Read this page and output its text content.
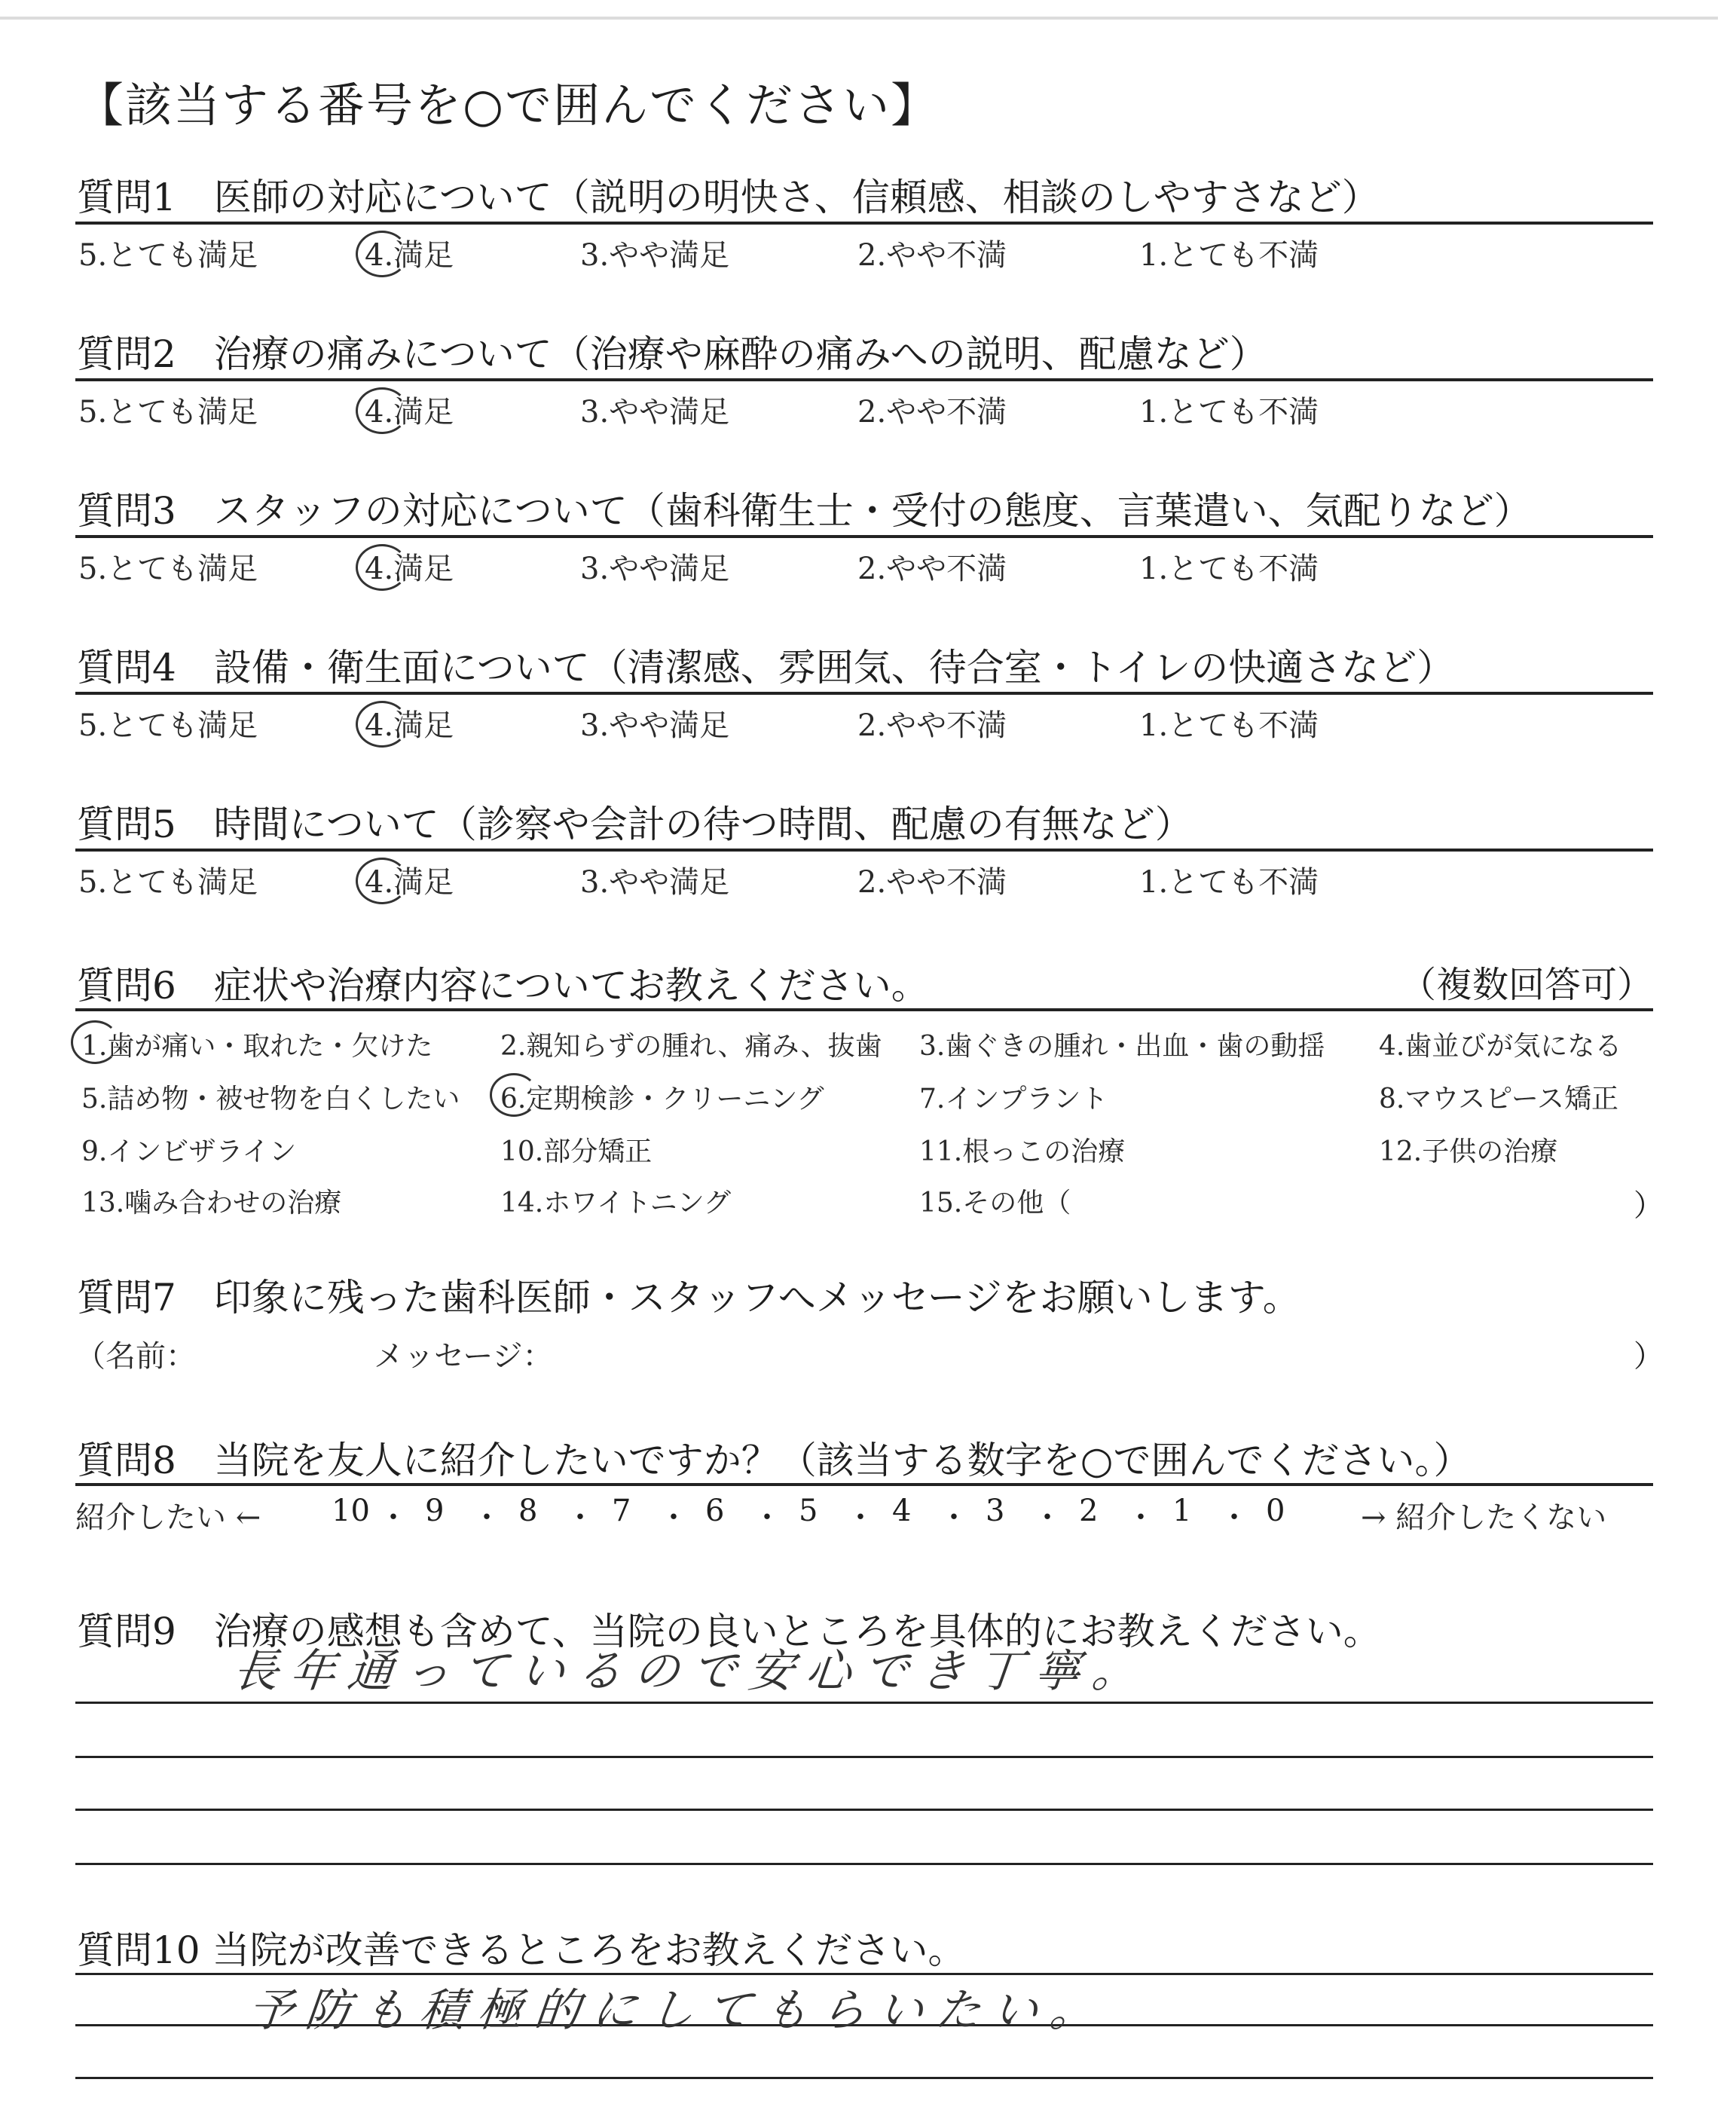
【該当する番号を○で囲んでください】
質問1　医師の対応について（説明の明快さ、信頼感、相談のしやすさなど）
5.とても満足	4.満足	3.やや満足	2.やや不満	1.とても不満
質問2　治療の痛みについて（治療や麻酔の痛みへの説明、配慮など）
5.とても満足	4.満足	3.やや満足	2.やや不満	1.とても不満
質問3　スタッフの対応について（歯科衛生士・受付の態度、言葉遣い、気配りなど）
5.とても満足	4.満足	3.やや満足	2.やや不満	1.とても不満
質問4　設備・衛生面について（清潔感、雰囲気、待合室・トイレの快適さなど）
5.とても満足	4.満足	3.やや満足	2.やや不満	1.とても不満
質問5　時間について（診察や会計の待つ時間、配慮の有無など）
5.とても満足	4.満足	3.やや満足	2.やや不満	1.とても不満
質問6　症状や治療内容についてお教えください。	（複数回答可）
1.歯が痛い・取れた・欠けた 2.親知らずの腫れ、痛み、抜歯 3.歯ぐきの腫れ・出血・歯の動揺 4.歯並びが気になる
5.詰め物・被せ物を白くしたい 6.定期検診・クリーニング	7.インプラント	8.マウスピース矯正
9.インビザライン	10.部分矯正	11.根っこの治療	12.子供の治療
13.噛み合わせの治療	14.ホワイトニング	15.その他（	）
質問7　印象に残った歯科医師・スタッフへメッセージをお願いします。
（名前：	メッセージ：	）
質問8　当院を友人に紹介したいですか？（該当する数字を○で囲んでください。）
紹介したい ← 10 ・ 9 ・ 8 ・ 7 ・ 6 ・ 5 ・ 4 ・ 3 ・ 2 ・ 1 ・ 0	→ 紹介したくない
質問9　治療の感想も含めて、当院の良いところを具体的にお教えください。
長年通っているので安心でき丁寧。
質問10 当院が改善できるところをお教えください。
予防も積極的にしてもらいたい。
